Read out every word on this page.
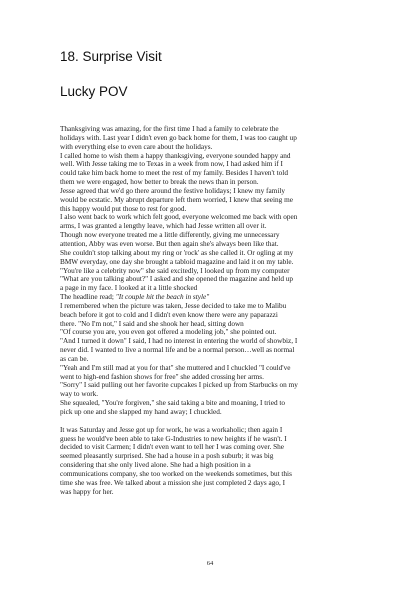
18. Surprise Visit
Lucky POV
Thanksgiving was amazing, for the first time I had a family to celebrate the
holidays with. Last year I didn't even go back home for them, I was too caught up
with everything else to even care about the holidays.
I called home to wish them a happy thanksgiving, everyone sounded happy and
well. With Jesse taking me to Texas in a week from now, I had asked him if I
could take him back home to meet the rest of my family. Besides I haven't told
them we were engaged, how better to break the news than in person.
Jesse agreed that we'd go there around the festive holidays; I knew my family
would be ecstatic. My abrupt departure left them worried, I knew that seeing me
this happy would put those to rest for good.
I also went back to work which felt good, everyone welcomed me back with open
arms, I was granted a lengthy leave, which had Jesse written all over it.
Though now everyone treated me a little differently, giving me unnecessary
attention, Abby was even worse. But then again she's always been like that.
She couldn't stop talking about my ring or 'rock' as she called it. Or ogling at my
BMW everyday, one day she brought a tabloid magazine and laid it on my table.
"You're like a celebrity now" she said excitedly, I looked up from my computer
"What are you talking about?" I asked and she opened the magazine and held up
a page in my face. I looked at it a little shocked
The headline read; "It couple hit the beach in style"
I remembered when the picture was taken, Jesse decided to take me to Malibu
beach before it got to cold and I didn't even know there were any paparazzi
there. "No I'm not," I said and she shook her head, sitting down
"Of course you are, you even got offered a modeling job," she pointed out.
"And I turned it down" I said, I had no interest in entering the world of showbiz, I
never did. I wanted to live a normal life and be a normal person…well as normal
as can be.
"Yeah and I'm still mad at you for that" she muttered and I chuckled "I could've
went to high-end fashion shows for free" she added crossing her arms.
"Sorry" I said pulling out her favorite cupcakes I picked up from Starbucks on my
way to work.
She squealed, "You're forgiven," she said taking a bite and moaning, I tried to
pick up one and she slapped my hand away; I chuckled.
It was Saturday and Jesse got up for work, he was a workaholic; then again I
guess he would've been able to take G-Industries to new heights if he wasn't. I
decided to visit Carmen; I didn't even want to tell her I was coming over. She
seemed pleasantly surprised. She had a house in a posh suburb; it was big
considering that she only lived alone. She had a high position in a
communications company, she too worked on the weekends sometimes, but this
time she was free. We talked about a mission she just completed 2 days ago, I
was happy for her.
64
